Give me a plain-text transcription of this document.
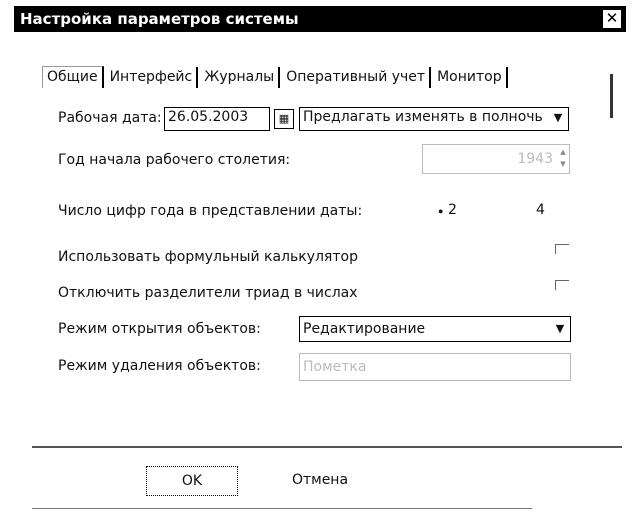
Настройка параметров системы	✕
Общие Интерфейс Журналы Оперативный учет Монитор
Рабочая дата: 26.05.2003	▦ Предлагать изменять в полночь ▼
Год начала рабочего столетия:	1943	▲
▼
Число цифр года в представлении даты:	● 2	4
Использовать формульный калькулятор
Отключить разделители триад в числах
Режим открытия объектов:	Редактирование	▼
Режим удаления объектов:	Пометка
OK	Отмена
